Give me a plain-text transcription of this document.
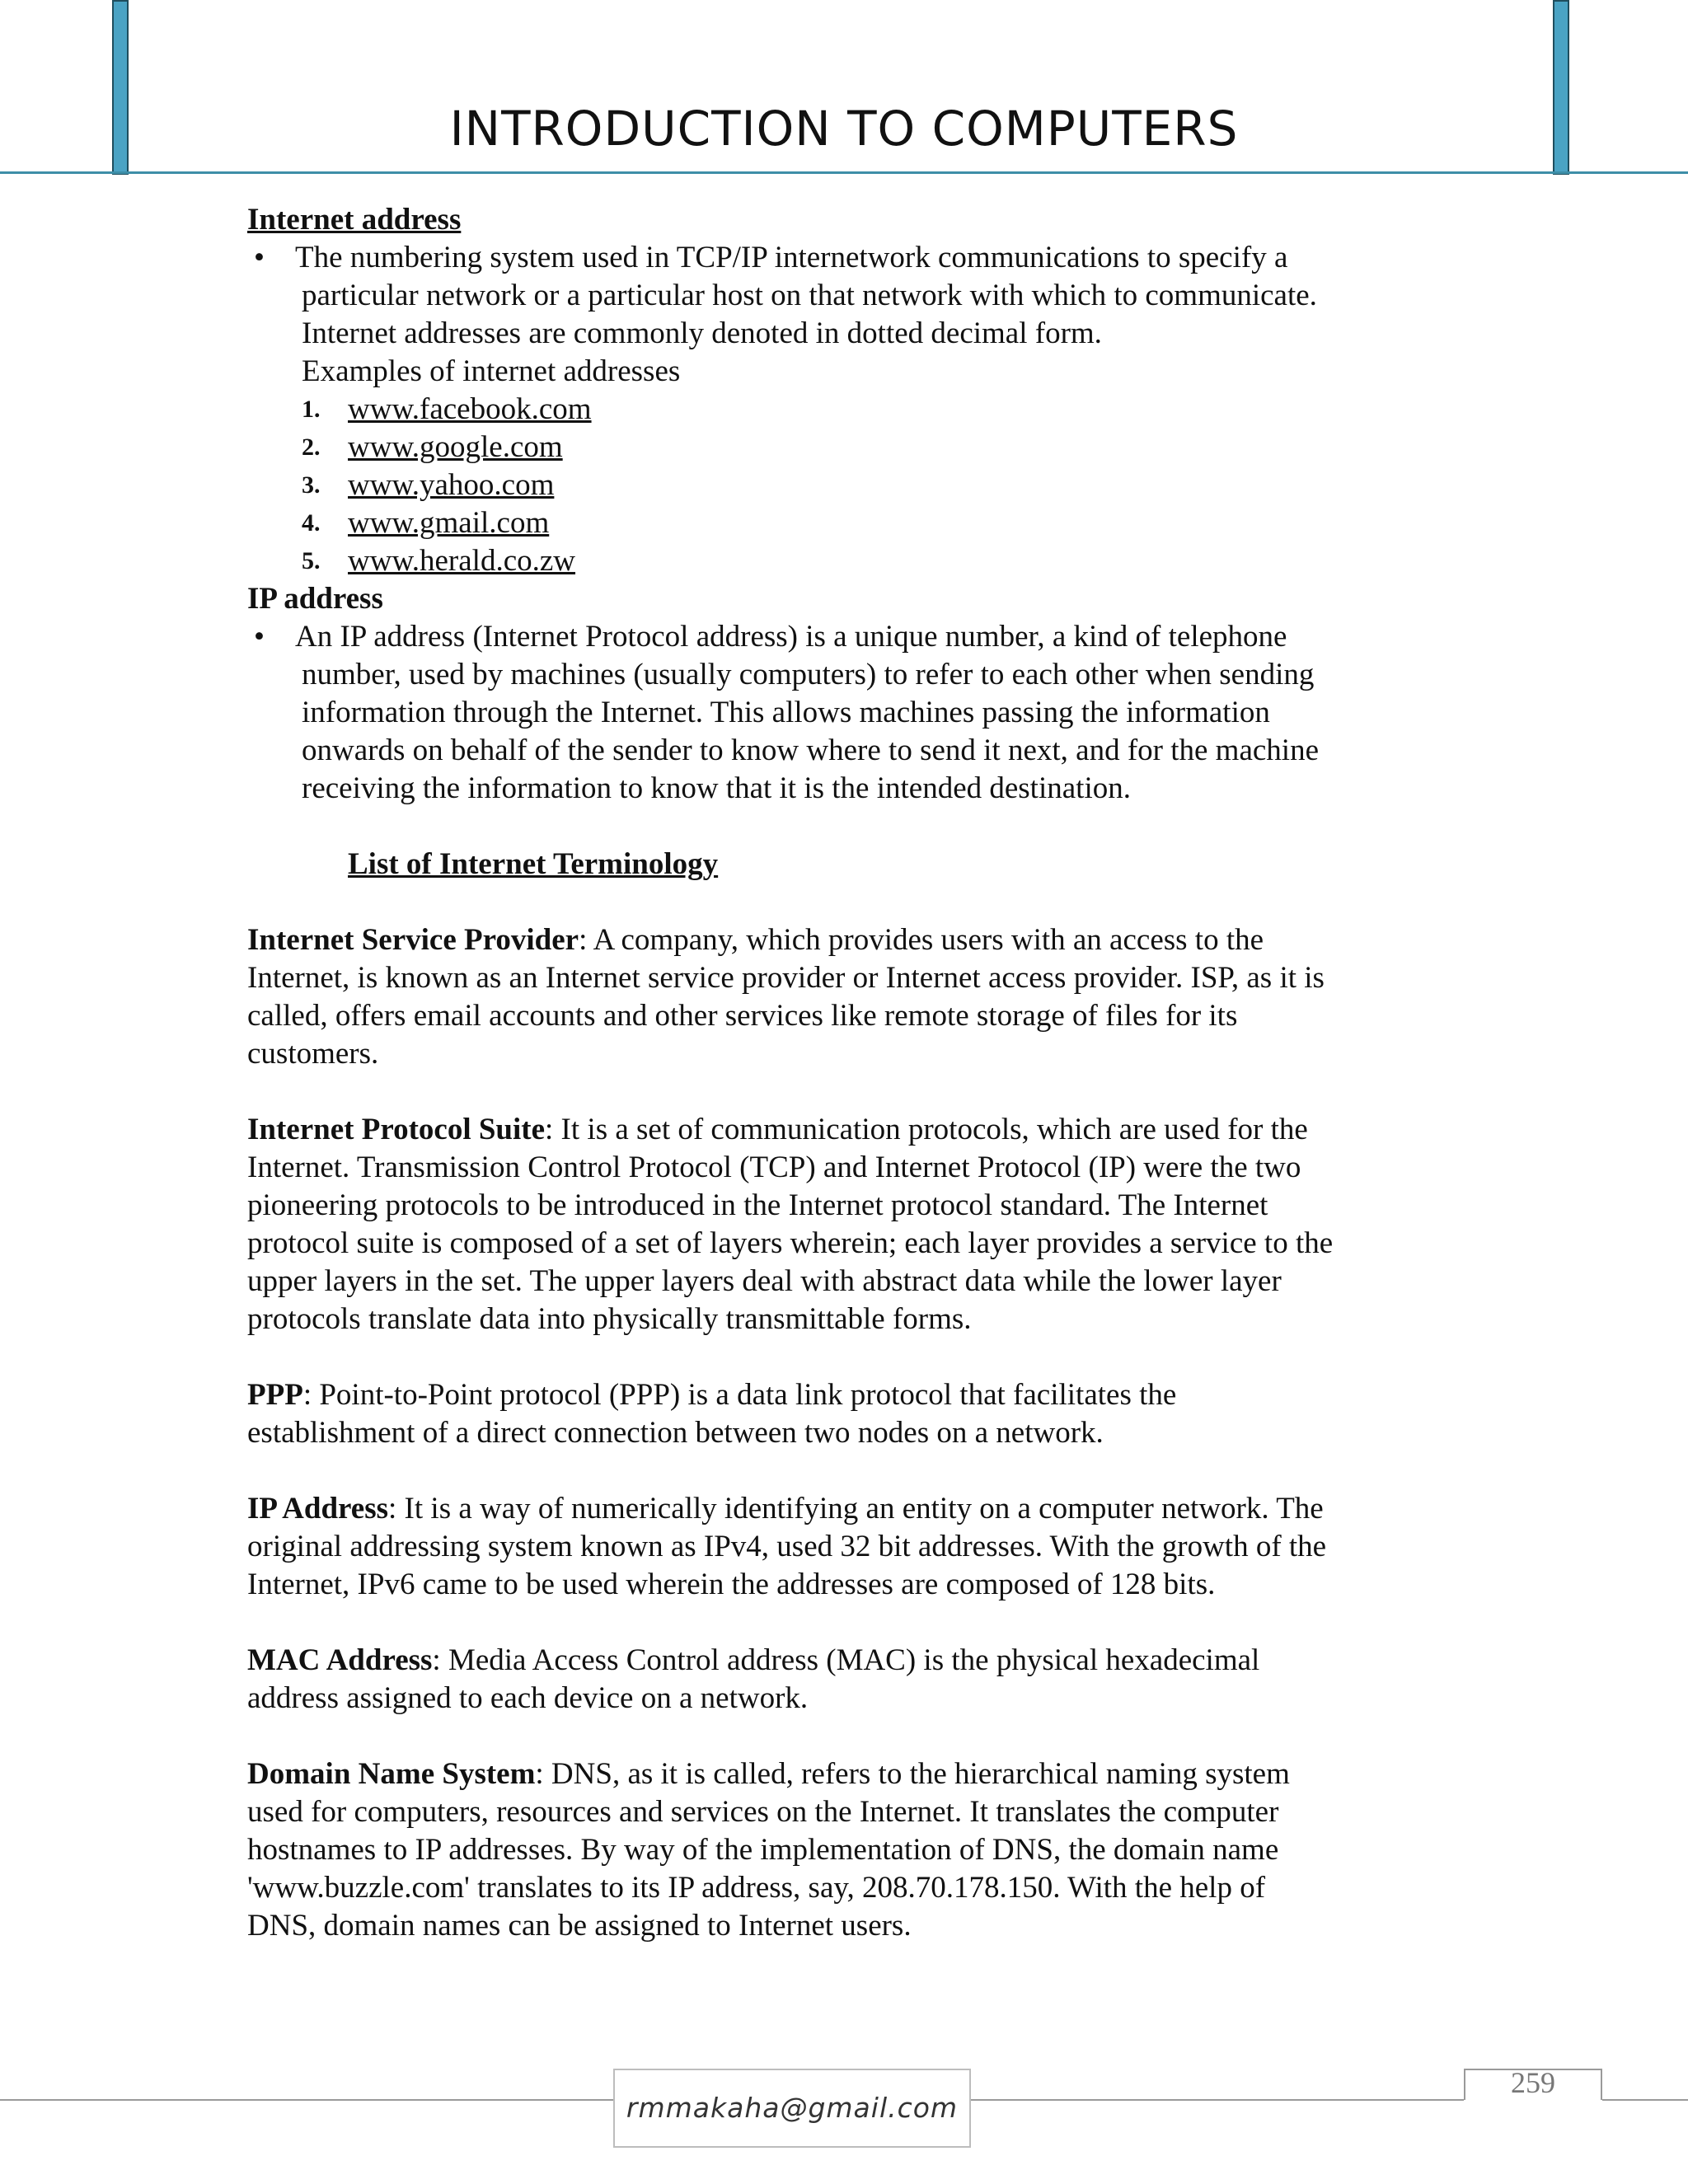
INTRODUCTION TO COMPUTERS
Internet address
• The numbering system used in TCP/IP internetwork communications to specify a
particular network or a particular host on that network with which to communicate.
Internet addresses are commonly denoted in dotted decimal form.
Examples of internet addresses
1. www.facebook.com
2. www.google.com
3. www.yahoo.com
4. www.gmail.com
5. www.herald.co.zw
IP address
• An IP address (Internet Protocol address) is a unique number, a kind of telephone
number, used by machines (usually computers) to refer to each other when sending
information through the Internet. This allows machines passing the information
onwards on behalf of the sender to know where to send it next, and for the machine
receiving the information to know that it is the intended destination.
List of Internet Terminology
Internet Service Provider: A company, which provides users with an access to the
Internet, is known as an Internet service provider or Internet access provider. ISP, as it is
called, offers email accounts and other services like remote storage of files for its
customers.
Internet Protocol Suite: It is a set of communication protocols, which are used for the
Internet. Transmission Control Protocol (TCP) and Internet Protocol (IP) were the two
pioneering protocols to be introduced in the Internet protocol standard. The Internet
protocol suite is composed of a set of layers wherein; each layer provides a service to the
upper layers in the set. The upper layers deal with abstract data while the lower layer
protocols translate data into physically transmittable forms.
PPP: Point-to-Point protocol (PPP) is a data link protocol that facilitates the
establishment of a direct connection between two nodes on a network.
IP Address: It is a way of numerically identifying an entity on a computer network. The
original addressing system known as IPv4, used 32 bit addresses. With the growth of the
Internet, IPv6 came to be used wherein the addresses are composed of 128 bits.
MAC Address: Media Access Control address (MAC) is the physical hexadecimal
address assigned to each device on a network.
Domain Name System: DNS, as it is called, refers to the hierarchical naming system
used for computers, resources and services on the Internet. It translates the computer
hostnames to IP addresses. By way of the implementation of DNS, the domain name
'www.buzzle.com' translates to its IP address, say, 208.70.178.150. With the help of
DNS, domain names can be assigned to Internet users.
rmmakaha@gmail.com
259
